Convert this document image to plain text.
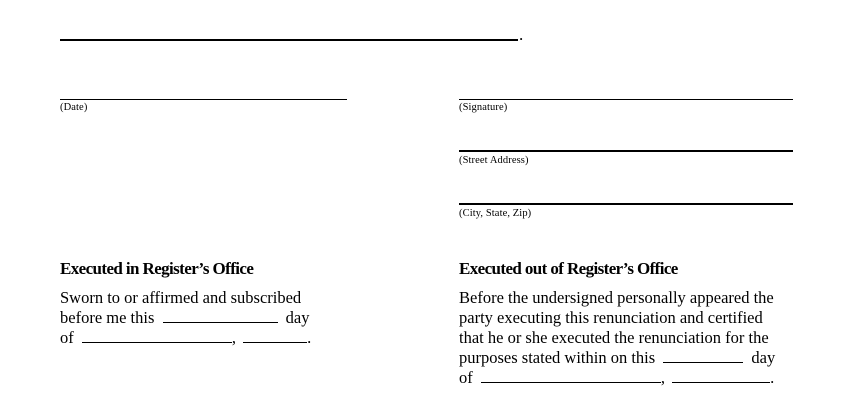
.
(Date)	(Signature)
(Street Address)
(City, State, Zip)
Executed in Register’s Office
Sworn to or affirmed and subscribed
before me this	day
of	,	.
Executed out of Register’s Office
Before the undersigned personally appeared the
party executing this renunciation and certified
that he or she executed the renunciation for the
purposes stated within on this	day
of	,	.
